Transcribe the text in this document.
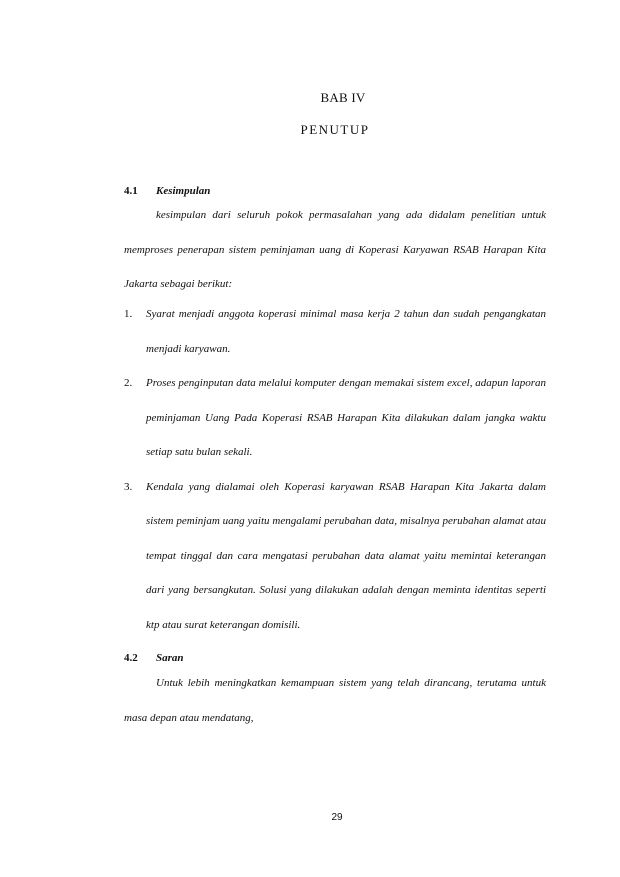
BAB IV
PENUTUP
4.1 Kesimpulan
kesimpulan dari seluruh pokok permasalahan yang ada didalam penelitian untuk memproses penerapan sistem peminjaman uang di Koperasi Karyawan RSAB Harapan Kita Jakarta sebagai berikut:
1. Syarat menjadi anggota koperasi minimal masa kerja 2 tahun dan sudah pengangkatan menjadi karyawan.
2. Proses penginputan data melalui komputer dengan memakai sistem excel, adapun laporan peminjaman Uang Pada Koperasi RSAB Harapan Kita dilakukan dalam jangka waktu setiap satu bulan sekali.
3. Kendala yang dialamai oleh Koperasi karyawan RSAB Harapan Kita Jakarta dalam sistem peminjam uang yaitu mengalami perubahan data, misalnya perubahan alamat atau tempat tinggal dan cara mengatasi perubahan data alamat yaitu memintai keterangan dari yang bersangkutan. Solusi yang dilakukan adalah dengan meminta identitas seperti ktp atau surat keterangan domisili.
4.2 Saran
Untuk lebih meningkatkan kemampuan sistem yang telah dirancang, terutama untuk masa depan atau mendatang,
29
